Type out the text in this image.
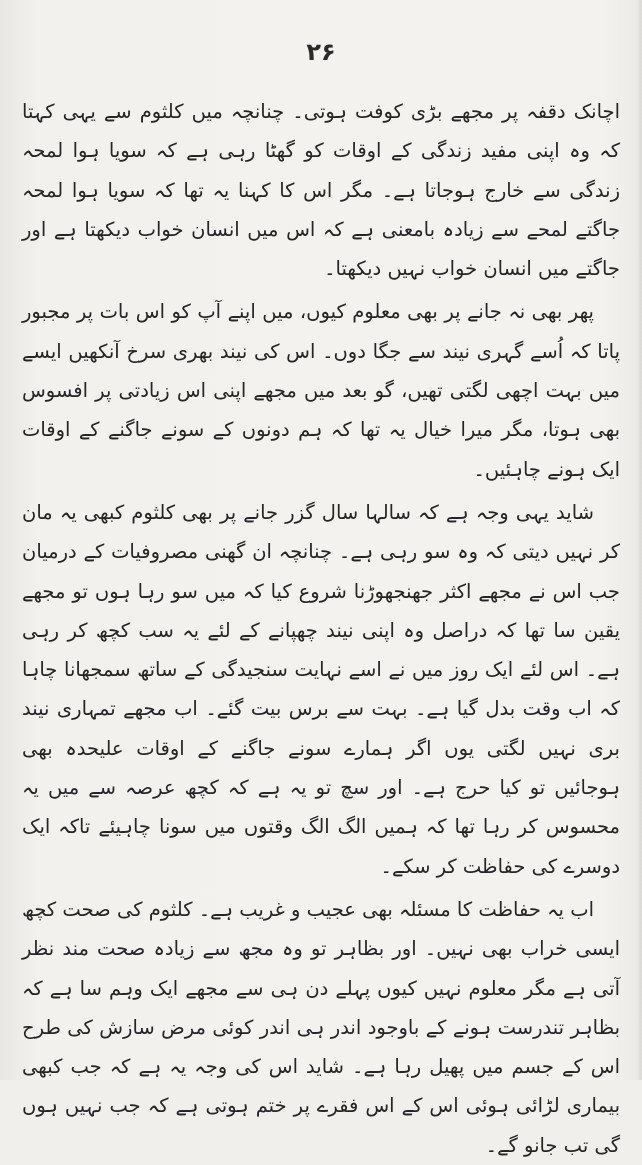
۲۶

اچانک دقفہ پر مجھے بڑی کوفت ہوتی۔ چنانچہ میں کلثوم سے یہی کہتا کہ وہ اپنی مفید زندگی کے اوقات کو گھٹا رہی ہے کہ سویا ہوا لمحہ زندگی سے خارج ہوجاتا ہے۔ مگر اس کا کہنا یہ تھا کہ سویا ہوا لمحہ جاگتے لمحے سے زیادہ بامعنی ہے کہ اس میں انسان خواب دیکھتا ہے اور جاگتے میں انسان خواب نہیں دیکھتا۔

پھر بھی نہ جانے پر بھی معلوم کیوں، میں اپنے آپ کو اس بات پر مجبور پاتا کہ اُسے گہری نیند سے جگا دوں۔ اس کی نیند بھری سرخ آنکھیں ایسے میں بہت اچھی لگتی تھیں، گو بعد میں مجھے اپنی اس زیادتی پر افسوس بھی ہوتا، مگر میرا خیال یہ تھا کہ ہم دونوں کے سونے جاگنے کے اوقات ایک ہونے چاہئیں۔

شاید یہی وجہ ہے کہ سالہا سال گزر جانے پر بھی کلثوم کبھی یہ مان کر نہیں دیتی کہ وہ سو رہی ہے۔ چنانچہ ان گھنی مصروفیات کے درمیان جب اس نے مجھے اکثر جھنجھوڑنا شروع کیا کہ میں سو رہا ہوں تو مجھے یقین سا تھا کہ دراصل وہ اپنی نیند چھپانے کے لئے یہ سب کچھ کر رہی ہے۔ اس لئے ایک روز میں نے اسے نہایت سنجیدگی کے ساتھ سمجھانا چاہا کہ اب وقت بدل گیا ہے۔ بہت سے برس بیت گئے۔ اب مجھے تمہاری نیند بری نہیں لگتی یوں اگر ہمارے سونے جاگنے کے اوقات علیحدہ بھی ہوجائیں تو کیا حرج ہے۔ اور سچ تو یہ ہے کہ کچھ عرصہ سے میں یہ محسوس کر رہا تھا کہ ہمیں الگ الگ وقتوں میں سونا چاہیئے تاکہ ایک دوسرے کی حفاظت کر سکے۔

اب یہ حفاظت کا مسئلہ بھی عجیب و غریب ہے۔ کلثوم کی صحت کچھ ایسی خراب بھی نہیں۔ اور بظاہر تو وہ مجھ سے زیادہ صحت مند نظر آتی ہے مگر معلوم نہیں کیوں پہلے دن ہی سے مجھے ایک وہم سا ہے کہ بظاہر تندرست ہونے کے باوجود اندر ہی اندر کوئی مرض سازش کی طرح اس کے جسم میں پھیل رہا ہے۔ شاید اس کی وجہ یہ ہے کہ جب کبھی بیماری لڑائی ہوئی اس کے اس فقرے پر ختم ہوتی ہے کہ جب نہیں ہوں گی تب جانو گے۔
